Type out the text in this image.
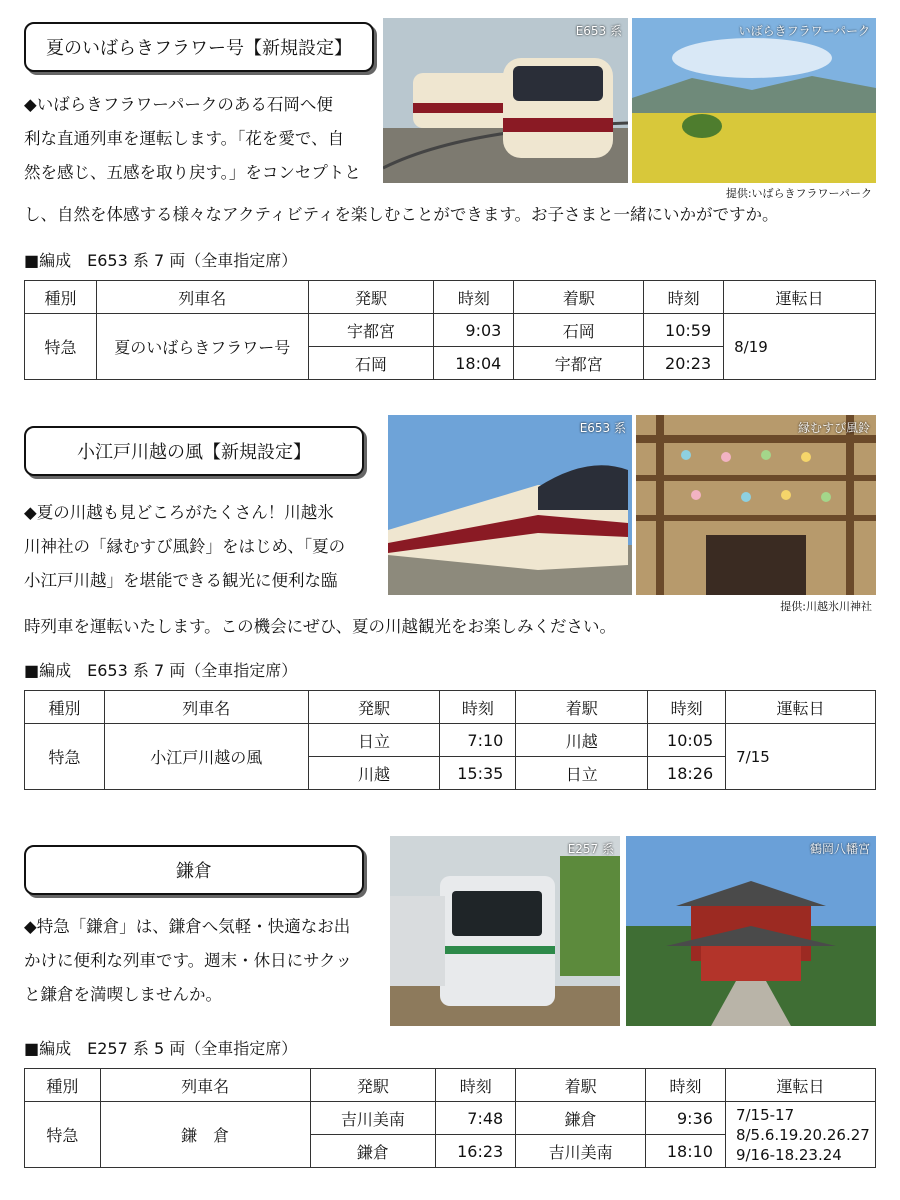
夏のいばらきフラワー号【新規設定】

◆いばらきフラワーパークのある石岡へ便
利な直通列車を運転します。「花を愛で、自
然を感じ、五感を取り戻す。」をコンセプトと

し、自然を体感する様々なアクティビティを楽しむことができます。お子さまと一緒にいかがですか。

E653 系	いばらきフラワーパーク
提供:いばらきフラワーパーク
■編成　E653 系 7 両（全車指定席）
種別	列車名	発駅	時刻	着駅	時刻	運転日
特急	夏のいばらきフラワー号	宇都宮	9:03	石岡	10:59	8/19
		石岡	18:04	宇都宮	20:23	
小江戸川越の風【新規設定】

◆夏の川越も見どころがたくさん！川越氷
川神社の「縁むすび風鈴」をはじめ、「夏の
小江戸川越」を堪能できる観光に便利な臨

時列車を運転いたします。この機会にぜひ、夏の川越観光をお楽しみください。

E653 系	縁むすび風鈴
提供:川越氷川神社
■編成　E653 系 7 両（全車指定席）
種別	列車名	発駅	時刻	着駅	時刻	運転日
特急	小江戸川越の風	日立	7:10	川越	10:05	7/15
		川越	15:35	日立	18:26	
鎌倉

◆特急「鎌倉」は、鎌倉へ気軽・快適なお出
かけに便利な列車です。週末・休日にサクッ
と鎌倉を満喫しませんか。

E257 系	鶴岡八幡宮
■編成　E257 系 5 両（全車指定席）
種別	列車名	発駅	時刻	着駅	時刻	運転日
特急	鎌　倉	吉川美南	7:48	鎌倉	9:36	7/15-17
8/5.6.19.20.26.27
9/16-18.23.24
		鎌倉	16:23	吉川美南	18:10	
